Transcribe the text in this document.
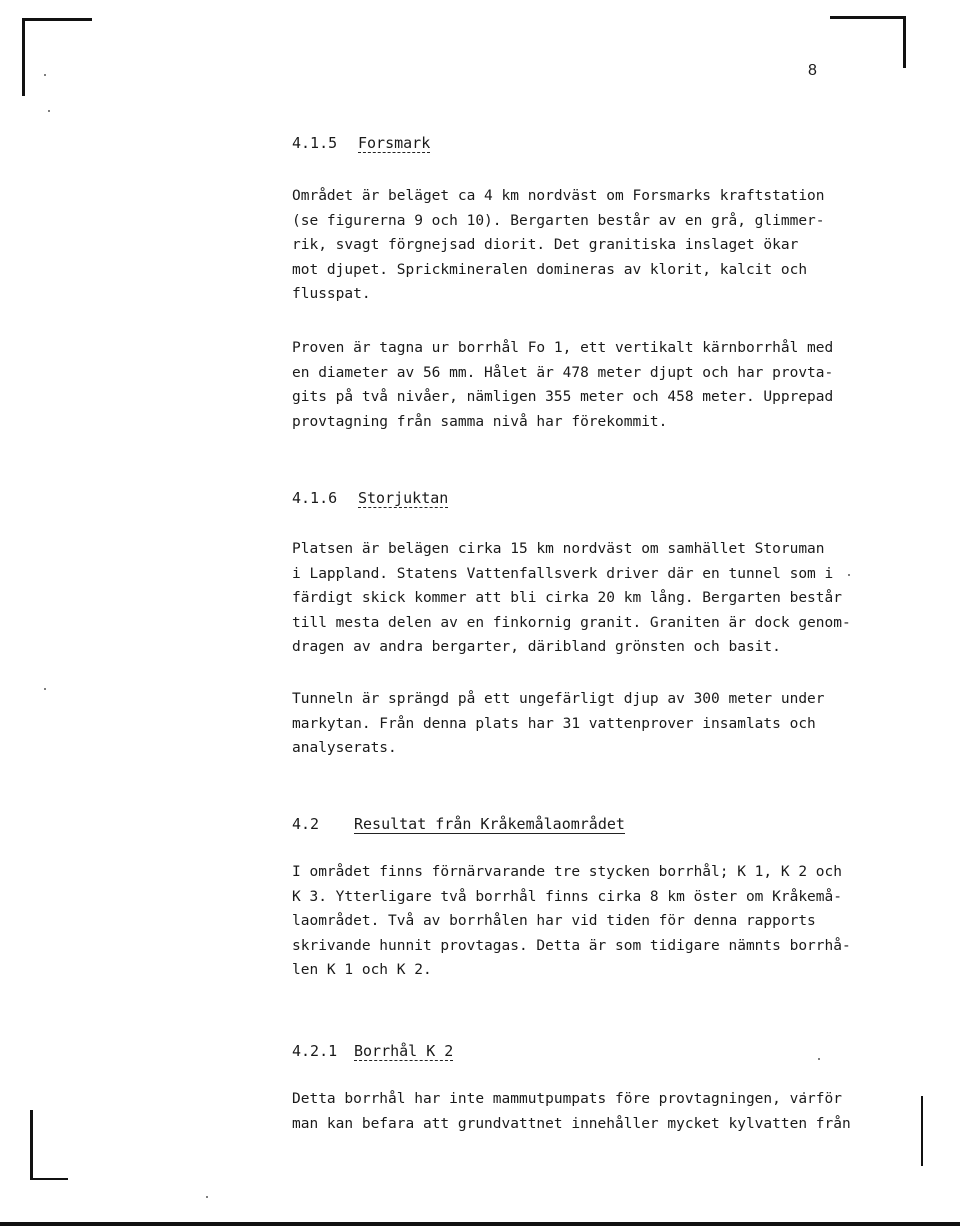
8
4.1.5 Forsmark

Området är beläget ca 4 km nordväst om Forsmarks kraftstation
(se figurerna 9 och 10). Bergarten består av en grå, glimmer-
rik, svagt förgnejsad diorit. Det granitiska inslaget ökar
mot djupet. Sprickmineralen domineras av klorit, kalcit och
flusspat.

Proven är tagna ur borrhål Fo 1, ett vertikalt kärnborrhål med
en diameter av 56 mm. Hålet är 478 meter djupt och har provta-
gits på två nivåer, nämligen 355 meter och 458 meter. Upprepad
provtagning från samma nivå har förekommit.

4.1.6 Storjuktan

Platsen är belägen cirka 15 km nordväst om samhället Storuman
i Lappland. Statens Vattenfallsverk driver där en tunnel som i
färdigt skick kommer att bli cirka 20 km lång. Bergarten består
till mesta delen av en finkornig granit. Graniten är dock genom-
dragen av andra bergarter, däribland grönsten och basit.

Tunneln är sprängd på ett ungefärligt djup av 300 meter under
markytan. Från denna plats har 31 vattenprover insamlats och
analyserats.

4.2 Resultat från Kråkemålaområdet

I området finns förnärvarande tre stycken borrhål; K 1, K 2 och
K 3. Ytterligare två borrhål finns cirka 8 km öster om Kråkemå-
laområdet. Två av borrhålen har vid tiden för denna rapports
skrivande hunnit provtagas. Detta är som tidigare nämnts borrhå-
len K 1 och K 2.

4.2.1 Borrhål K 2

Detta borrhål har inte mammutpumpats före provtagningen, varför
man kan befara att grundvattnet innehåller mycket kylvatten från
